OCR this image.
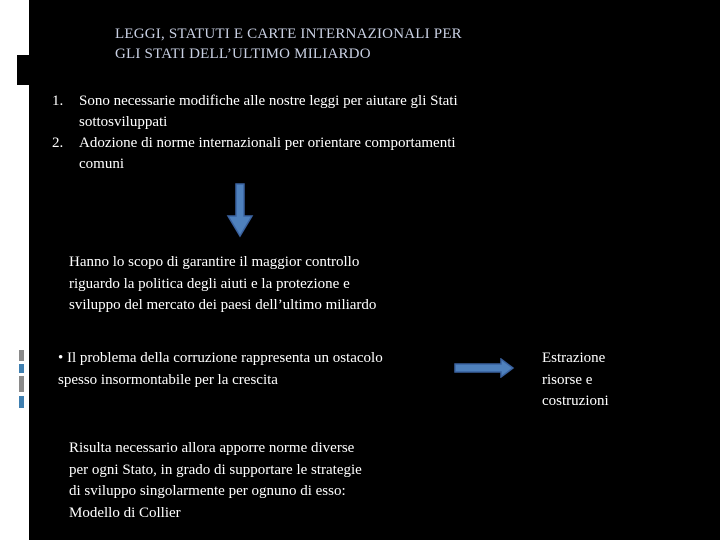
LEGGI, STATUTI E CARTE INTERNAZIONALI PER
GLI STATI DELL’ULTIMO MILIARDO
1. Sono necessarie modifiche alle nostre leggi per aiutare gli Stati
sottosviluppati
2. Adozione di norme internazionali per orientare comportamenti
comuni
Hanno lo scopo di garantire il maggior controllo
riguardo la politica degli aiuti e la protezione e
sviluppo del mercato dei paesi dell’ultimo miliardo
• Il problema della corruzione rappresenta un ostacolo
spesso insormontabile per la crescita
Estrazione
risorse e
costruzioni
Risulta necessario allora apporre norme diverse
per ogni Stato, in grado di supportare le strategie
di sviluppo singolarmente per ognuno di esso:
Modello di Collier
